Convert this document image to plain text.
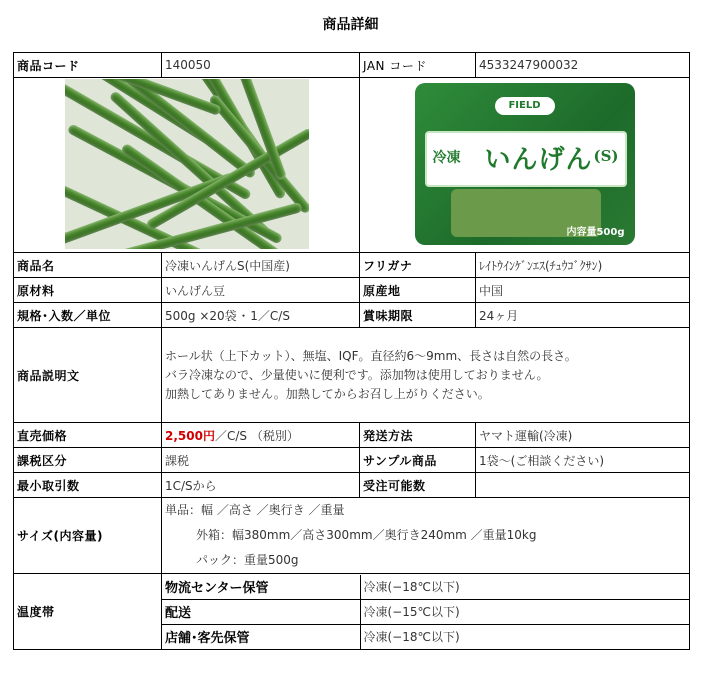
商品詳細
商品コード	140050	JAN コード	4533247900032

FIELD
冷凍 いんげん (S)
内容量500g

商品名	冷凍いんげんS(中国産)	フリガナ	ﾚｲﾄｳｲﾝｹﾞﾝｴｽ(ﾁｭｳｺﾞｸｻﾝ)
原材料	いんげん豆	原産地	中国
規格･入数／単位	500g ×20袋 ･ 1／C/S	賞味期限	24ヶ月
商品説明文	
ホール状（上下カット）、無塩、IQF。直径約6～9mm、長さは自然の長さ。
バラ冷凍なので、少量使いに便利です。添加物は使用しておりません。
加熱してありません。加熱してからお召し上がりください。

直売価格	2,500円／C/S （税別）	発送方法	ヤマト運輸(冷凍)
課税区分	課税	サンプル商品	1袋～(ご相談ください)
最小取引数	1C/Sから	受注可能数	
サイズ(内容量)	
単品：幅 ／高さ ／奥行き ／重量
外箱：幅380mm／高さ300mm／奥行き240mm ／重量10kg
パック：重量500g

温度帯	
物流センター保管	冷凍(−18℃以下)
配送	冷凍(−15℃以下)
店舗･客先保管	冷凍(−18℃以下)
